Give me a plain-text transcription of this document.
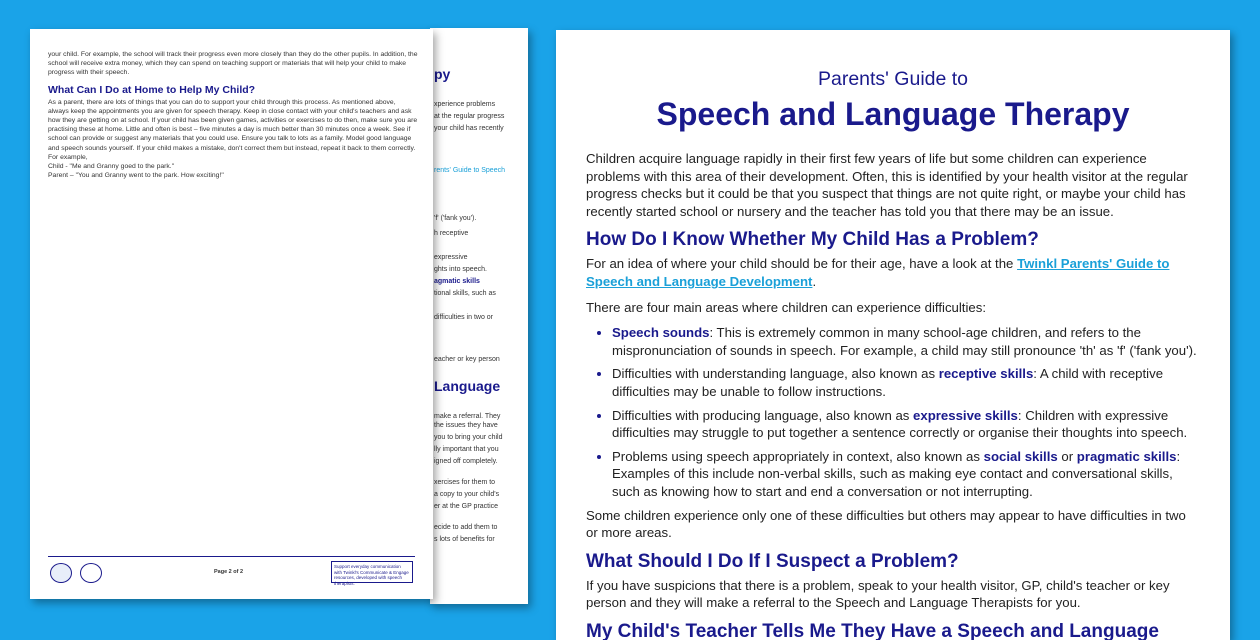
py
xperience problems
at the regular progress
your child has recently
rents' Guide to Speech
'f' ('fank you').
h receptive
expressive
ghts into speech.
agmatic skills
tional skills, such as
difficulties in two or
eacher or key person
Language
make a referral. They
the issues they have
you to bring your child
lly important that you
igned off completely.
xercises for them to
a copy to your child's
er at the GP practice
ecide to add them to
s lots of benefits for

your child. For example, the school will track their progress even more closely than they do the other pupils. In addition, the school will receive extra money, which they can spend on teaching support or materials that will help your child to make progress with their speech.

What Can I Do at Home to Help My Child?

As a parent, there are lots of things that you can do to support your child through this process. As mentioned above, always keep the appointments you are given for speech therapy. Keep in close contact with your child's teachers and ask how they are getting on at school. If your child has been given games, activities or exercises to do then, make sure you are practising these at home. Little and often is best – five minutes a day is much better than 30 minutes once a week. See if school can provide or suggest any materials that you could use. Ensure you talk to lots as a family. Model good language and speech sounds yourself. If your child makes a mistake, don't correct them but instead, repeat it back to them correctly. For example,

Child - "Me and Granny goed to the park."

Parent – "You and Granny went to the park. How exciting!"

Page 2 of 2
Support everyday communication with Twinkl's Communicate & Engage resources, developed with speech therapists.
Parents' Guide to
Speech and Language Therapy

Children acquire language rapidly in their first few years of life but some children can experience problems with this area of their development. Often, this is identified by your health visitor at the regular progress checks but it could be that you suspect that things are not quite right, or maybe your child has recently started school or nursery and the teacher has told you that there may be an issue.

How Do I Know Whether My Child Has a Problem?

For an idea of where your child should be for their age, have a look at the Twinkl Parents' Guide to Speech and Language Development.

There are four main areas where children can experience difficulties:

• Speech sounds: This is extremely common in many school-age children, and refers to the mispronunciation of sounds in speech. For example, a child may still pronounce 'th' as 'f' ('fank you').
• Difficulties with understanding language, also known as receptive skills: A child with receptive difficulties may be unable to follow instructions.
• Difficulties with producing language, also known as expressive skills: Children with expressive difficulties may struggle to put together a sentence correctly or organise their thoughts into speech.
• Problems using speech appropriately in context, also known as social skills or pragmatic skills: Examples of this include non-verbal skills, such as making eye contact and conversational skills, such as knowing how to start and end a conversation or not interrupting.

Some children experience only one of these difficulties but others may appear to have difficulties in two or more areas.

What Should I Do If I Suspect a Problem?

If you have suspicions that there is a problem, speak to your health visitor, GP, child's teacher or key person and they will make a referral to the Speech and Language Therapists for you.

My Child's Teacher Tells Me They Have a Speech and Language
